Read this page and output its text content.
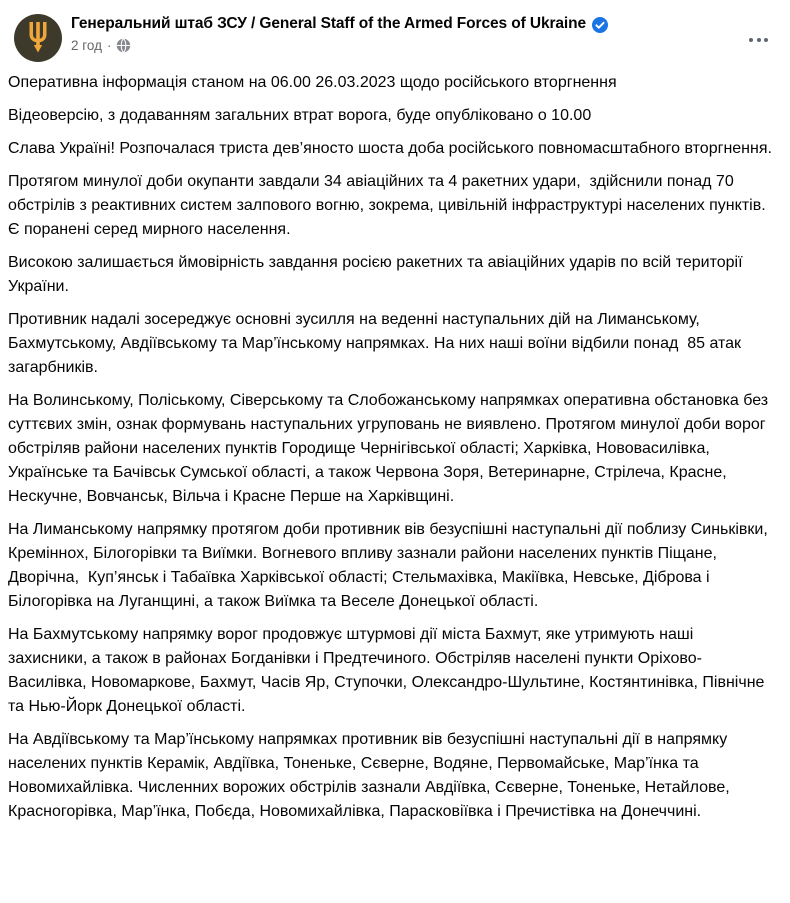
Генеральний штаб ЗСУ / General Staff of the Armed Forces of Ukraine
2 год ·

Оперативна інформація станом на 06.00 26.03.2023 щодо російського вторгнення

Відеоверсію, з додаванням загальних втрат ворога, буде опубліковано о 10.00

Слава Україні! Розпочалася триста дев’яносто шоста доба російського повномасштабного вторгнення.

Протягом минулої доби окупанти завдали 34 авіаційних та 4 ракетних удари,  здійснили понад 70 обстрілів з реактивних систем залпового вогню, зокрема, цивільній інфраструктурі населених пунктів. Є поранені серед мирного населення.

Високою залишається ймовірність завдання росією ракетних та авіаційних ударів по всій території України.

Противник надалі зосереджує основні зусилля на веденні наступальних дій на Лиманському, Бахмутському, Авдіївському та Мар’їнському напрямках. На них наші воїни відбили понад  85 атак загарбників.

На Волинському, Поліському, Сіверському та Слобожанському напрямках оперативна обстановка без суттєвих змін, ознак формувань наступальних угруповань не виявлено. Протягом минулої доби ворог обстріляв райони населених пунктів Городище Чернігівської області; Харківка, Нововасилівка, Українське та Бачівськ Сумської області, а також Червона Зоря, Ветеринарне, Стрілеча, Красне, Нескучне, Вовчанськ, Вільча і Красне Перше на Харківщині.

На Лиманському напрямку протягом доби противник вів безуспішні наступальні дії поблизу Синьківки, Кремінноx, Білогорівки та Виїмки. Вогневого впливу зазнали райони населених пунктів Піщане, Дворічна,  Куп’янськ і Табаївка Харківської області; Стельмахівка, Макіївка, Невське, Діброва і Білогорівка на Луганщині, а також Виїмка та Веселе Донецької області.

На Бахмутському напрямку ворог продовжує штурмові дії міста Бахмут, яке утримують наші захисники, а також в районах Богданівки і Предтечиного. Обстріляв населені пункти Оріхово-Василівка, Новомаркове, Бахмут, Часів Яр, Ступочки, Олександро-Шультине, Костянтинівка, Північне та Нью-Йорк Донецької області.

На Авдіївському та Мар’їнському напрямках противник вів безуспішні наступальні дії в напрямку населених пунктів Керамік, Авдіївка, Тоненьке, Сєверне, Водяне, Первомайське, Мар’їнка та Новомихайлівка. Численних ворожих обстрілів зазнали Авдіївка, Сєверне, Тоненьке, Нетайлове, Красногорівка, Мар’їнка, Побєда, Новомихайлівка, Парасковіївка і Пречистівка на Донеччині.
